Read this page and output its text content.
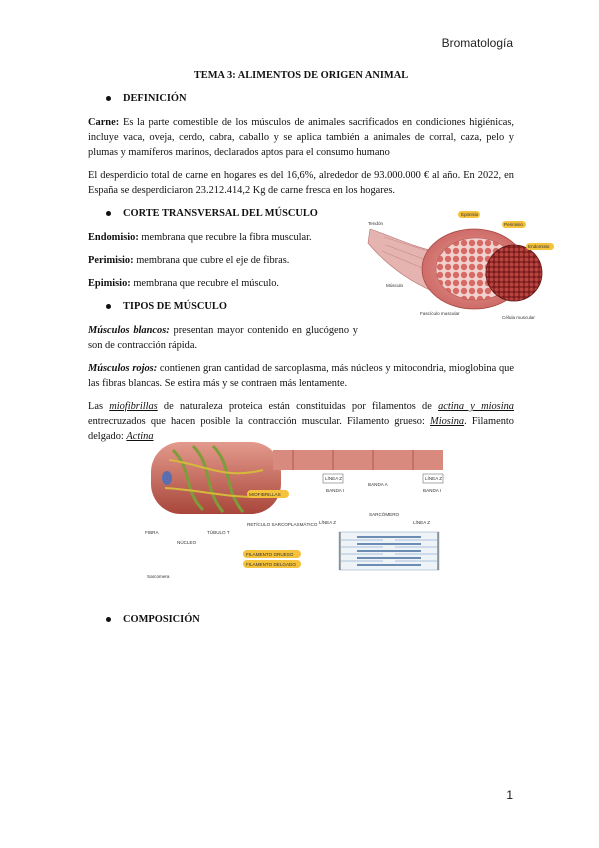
Bromatología
TEMA 3: ALIMENTOS DE ORIGEN ANIMAL
DEFINICIÓN

Carne: Es la parte comestible de los músculos de animales sacrificados en condiciones higiénicas, incluye vaca, oveja, cerdo, cabra, caballo y se aplica también a animales de corral, caza, pelo y plumas y mamíferos marinos, declarados aptos para el consumo humano

El desperdicio total de carne en hogares es del 16,6%, alrededor de 93.000.000 € al año. En 2022, en España se desperdiciaron 23.212.414,2 Kg de carne fresca en los hogares.

CORTE TRANSVERSAL DEL MÚSCULO

Endomisio: membrana que recubre la fibra muscular.

Perimisio: membrana que cubre el eje de fibras.

Epimisio: membrana que recubre el músculo.

TIPOS DE MÚSCULO

Músculos blancos: presentan mayor contenido en glucógeno y son de contracción rápida.

Músculos rojos: contienen gran cantidad de sarcoplasma, más núcleos y mitocondria, mioglobina que las fibras blancas. Se estira más y se contraen más lentamente.

Las miofibrillas de naturaleza proteica están constituidas por filamentos de actina y miosina entrecruzados que hacen posible la contracción muscular. Filamento grueso: Miosina. Filamento delgado: Actina

COMPOSICIÓN
Epimisio
Perimisio
Endomisio
Tendón
Músculo
Fascículo muscular
Célula muscular
MIOFIBRILLAS
LÍNEA Z	LÍNEA Z
BANDA I
BANDA A
BANDA I
SARCÓMERO
LÍNEA Z	LÍNEA Z
FIBRA
NÚCLEO
TÚBULO T
RETÍCULO SARCOPLASMÁTICO
FILAMENTO GRUESO
FILAMENTO DELGADO
Sarcomera
1
